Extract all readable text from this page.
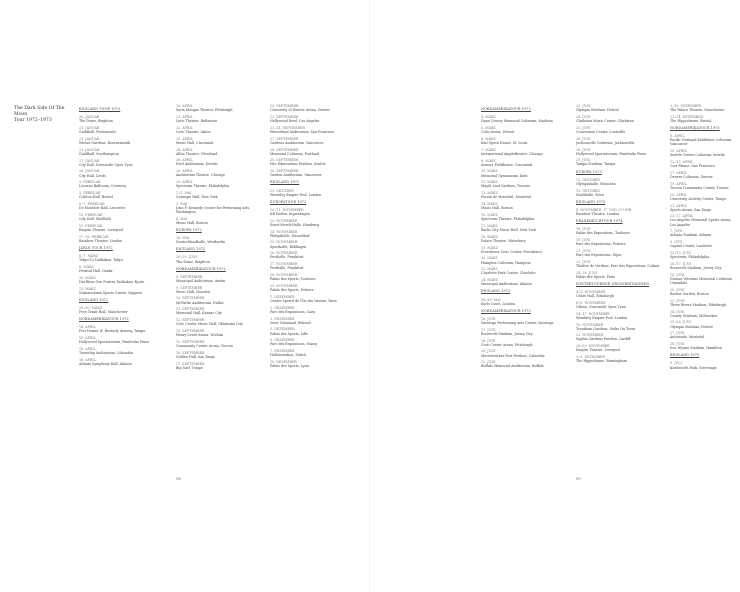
The Dark Side Of The Moon
Tour 1972–1973
ENGLAND TOUR 1972
20. JANUAR
The Dome, Brighton
21. JANUAR
Guildhall, Portsmouth
22. JANUAR
Winter Gardens, Bournemouth
23. JANUAR
Guildhall, Southampton
27. JANUAR
City Hall, Newcastle Upon Tyne
28. JANUAR
City Hall, Leeds
3. FEBRUAR
Locarno Ballroom, Coventry
5. FEBRUAR
Colston Hall, Bristol
6.-7. FEBRUAR
De Montfort Hall, Leicester
12. FEBRUAR
City Hall, Sheffield
13. FEBRUAR
Empire Theatre, Liverpool
17.-20. FEBRUAR
Rainbow Theatre, London
JAPAN TOUR 1972
6./7. MÄRZ
Tokyo-To Taiikukan, Tokyo
8. MÄRZ
Festival Hall, Osaka
10. MÄRZ
Dai-Ritsu Gen Furitsu Taiikukan, Kyoto
13. MÄRZ
Nakanoshima Sports Center, Sapporo
ENGLAND 1972
29./30. MÄRZ
Free Trade Hall, Manchester
NORDAMERIKATOUR 1972
14. APRIL
Fort Homer W. Hesterly Armory, Tampa
15. APRIL
Hollywood Sportatorium, Pembroke Pines
16. APRIL
Township Auditorium, Columbia
18. APRIL
Atlanta Symphony Hall, Atlanta
20. APRIL
Syria Mosque Theater, Pittsburgh
21. APRIL
Lyric Theatre, Baltimore
22. APRIL
Civic Theatre, Akron
23. APRIL
Music Hall, Cincinnati
24. APRIL
Allen Theatre, Cleveland
26. APRIL
Ford Auditorium, Detroit
28. APRIL
Auditorium Theatre, Chicago
29. APRIL
Spectrum Theatre, Philadelphia
1./2. MAI
Carnegie Hall, New York
3. MAI
John F. Kennedy Center for Performing Arts, Washington
4. MAI
Music Hall, Boston
EUROPA 1972
18. MAI
Deutschlandhalle, Westberlin
ENGLAND 1972
28./29. JUNI
The Dome, Brighton
NORDAMERIKATOUR 1972
8. SEPTEMBER
Municipal Auditorium, Austin
9. SEPTEMBER
Music Hall, Houston
10. SEPTEMBER
McFarlin Auditorium, Dallas
11. SEPTEMBER
Memorial Hall, Kansas City
12. SEPTEMBER
Civic Center Music Hall, Oklahoma City
13. SEPTEMBER
Henry Levitt Arena, Wichita
15. SEPTEMBER
Community Center Arena, Tucson
16. SEPTEMBER
Golden Hall, San Diego
17. SEPTEMBER
Big Surf, Tempe
19. SEPTEMBER
University of Denver Arena, Denver
22. SEPTEMBER
Hollywood Bowl, Los Angeles
23./24. SEPTEMBER
Winterland Auditorium, San Francisco
27. SEPTEMBER
Gardens Auditorium, Vancouver
28. SEPTEMBER
Memorial Coliseum, Portland
29. SEPTEMBER
Hec Edmundson Pavilion, Seattle
30. SEPTEMBER
Garden Auditorium, Vancouver
ENGLAND 1972
21. OKTOBER
Wembley Empire Pool, London
EUROPATOUR 1972
10./11. NOVEMBER
KB Hallen, Kopenhagen
12. NOVEMBER
Ernst-Merck-Halle, Hamburg
14. NOVEMBER
Philipshalle, Düsseldorf
15. NOVEMBER
Sporthalle, Böblingen
16. NOVEMBER
Festhalle, Frankfurt
17. NOVEMBER
Festhalle, Frankfurt
28. NOVEMBER
Palais des Sports, Toulouse
29. NOVEMBER
Palais des Sports, Poitiers
1. DEZEMBER
Centre Sportif de l'Île des Vannes, Paris
2. DEZEMBER
Parc des Expositions, Caen
3. DEZEMBER
Vorst Nationaal, Brüssel
5. DEZEMBER
Palais des Sports, Lille
6. DEZEMBER
Parc des Expositions, Nancy
7. DEZEMBER
Hallenstadion, Zürich
10. DEZEMBER
Palais des Sports, Lyon
98
NORDAMERIKATOUR 1973
4. MÄRZ
Dane County Memorial Coliseum, Madison
5. MÄRZ
Cobo Arena, Detroit
6. MÄRZ
Kiel Opera House, St. Louis
7. MÄRZ
International Amphitheatre, Chicago
8. MÄRZ
Armory Fieldhouse, Cincinnati
10. MÄRZ
Memorial Gymnasium, Kent
11. MÄRZ
Maple Leaf Gardens, Toronto
12. MÄRZ
Forum de Montréal, Montréal
14. MÄRZ
Music Hall, Boston
15. MÄRZ
Spectrum Theatre, Philadelphia
17. MÄRZ
Radio City Music Hall, New York
18. MÄRZ
Palace Theatre, Waterbury
19. MÄRZ
Providence Civic Center, Providence
20. MÄRZ
Hampton Coliseum, Hampton
22. MÄRZ
Charlotte Park Center, Charlotte
24. MÄRZ
Municipal Auditorium, Atlanta
ENGLAND 1973
18./19. MAI
Earls Court, London
NORDAMERIKATOUR 1973
16. JUNI
Saratoga Performing Arts Center, Saratoga
17. JUNI
Roosevelt Stadium, Jersey City
18. JUNI
Civic Center Arena, Pittsburgh
20. JUNI
Merriweather Post Pavilion, Columbia
22. JUNI
Buffalo Memorial Auditorium, Buffalo
23. JUNI
Olympia Stadium, Detroit
24. JUNI
Clarkston Music Center, Clarkston
25. JUNI
Convention Center, Louisville
26. JUNI
Jacksonville Coliseum, Jacksonville
28. JUNI
Hollywood Sportatorium, Pembroke Pines
29. JUNI
Tampa Stadium, Tampa
EUROPA 1973
12. OKTOBER
Olympiahalle, München
13. OKTOBER
Stadthalle, Wien
ENGLAND 1973
4. NOVEMBER, 17 UND 21 UHR
Rainbow Theatre, London
FRANKREICHTOUR 1974
18. JUNI
Palais des Expositions, Toulouse
19. JUNI
Parc des Expositions, Poitiers
21. JUNI
Parc des Expositions, Dijon
22. JUNI
Théâtre de Verdure, Parc des Expositions, Colmar
24.-26. JUNI
Palais des Sports, Paris
WINTERTOURNEE GROSSBRITANNIEN
4./5. NOVEMBER
Usher Hall, Edinburgh
8./9. NOVEMBER
Odeon, Newcastle Upon Tyne
14.-17. NOVEMBER
Wembley Empire Pool, London
19. NOVEMBER
Trentham Gardens, Stoke On Trent
22. NOVEMBER
Sophia Gardens Pavilion, Cardiff
28./29. NOVEMBER
Empire Theatre, Liverpool
3.-5. DEZEMBER
The Hippodrome, Birmingham
9./10. DEZEMBER
The Palace Theatre, Manchester
13./14. DEZEMBER
The Hippodrome, Bristol
NORDAMERIKATOUR 1975
8. APRIL
Pacific National Exhibition Coliseum, Vancouver
10. APRIL
Seattle Center Coliseum, Seattle
12./13. APRIL
Cow Palace, San Francisco
17. APRIL
Denver Coliseum, Denver
19. APRIL
Tucson Community Center, Tucson
20. APRIL
University Activity Center, Tempe
21. APRIL
Sports Arena, San Diego
23.-27. APRIL
Los Angeles Memorial Sports Arena, Los Angeles
7. JUNI
Atlanta Stadium, Atlanta
9. JUNI
Capital Center, Landover
12./13. JUNI
Spectrum, Philadelphia
16./17. JUNI
Roosevelt Stadium, Jersey City
18. JUNI
Nassau Veterans Memorial Coliseum, Uniondale
20. JUNI
Boston Garden, Boston
22. JUNI
Three Rivers Stadium, Pittsburgh
24. JUNI
County Stadium, Milwaukee
25./26. JUNI
Olympia Stadium, Detroit
27. JUNI
Autostade, Montréal
28. JUNI
Ivor Wynne Stadium, Hamilton
ENGLAND 1975
5. JULI
Knebworth Park, Stevenage
99
